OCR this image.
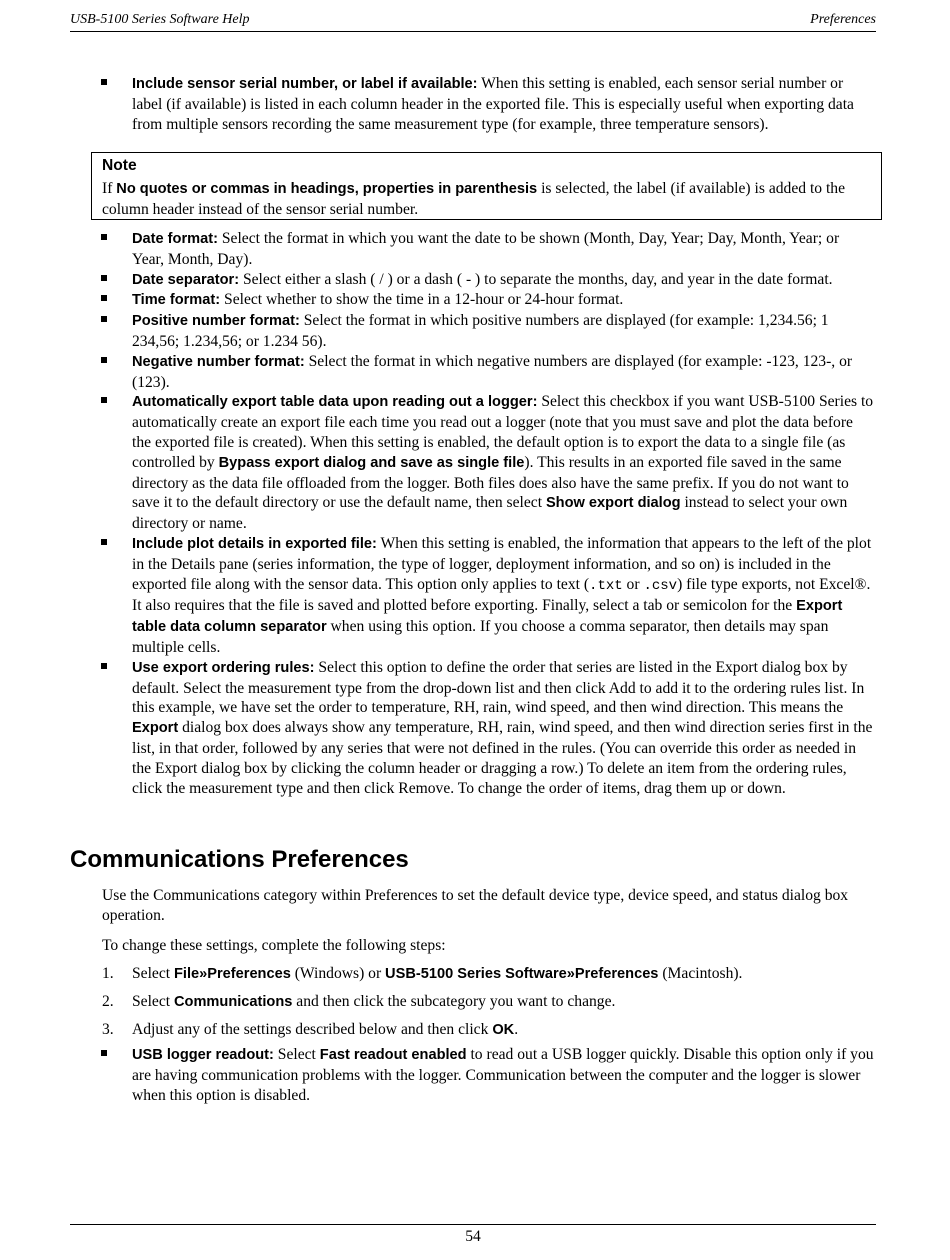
USB-5100 Series Software Help	Preferences
Include sensor serial number, or label if available: When this setting is enabled, each sensor serial number or label (if available) is listed in each column header in the exported file. This is especially useful when exporting data from multiple sensors recording the same measurement type (for example, three temperature sensors).
Note
If No quotes or commas in headings, properties in parenthesis is selected, the label (if available) is added to the column header instead of the sensor serial number.
Date format: Select the format in which you want the date to be shown (Month, Day, Year; Day, Month, Year; or Year, Month, Day).
Date separator: Select either a slash ( / ) or a dash ( - ) to separate the months, day, and year in the date format.
Time format: Select whether to show the time in a 12-hour or 24-hour format.
Positive number format: Select the format in which positive numbers are displayed (for example: 1,234.56; 1 234,56; 1.234,56; or 1.234 56).
Negative number format: Select the format in which negative numbers are displayed (for example: -123, 123-, or (123).
Automatically export table data upon reading out a logger: Select this checkbox if you want USB-5100 Series to automatically create an export file each time you read out a logger (note that you must save and plot the data before the exported file is created). When this setting is enabled, the default option is to export the data to a single file (as controlled by Bypass export dialog and save as single file). This results in an exported file saved in the same directory as the data file offloaded from the logger. Both files does also have the same prefix. If you do not want to save it to the default directory or use the default name, then select Show export dialog instead to select your own directory or name.
Include plot details in exported file: When this setting is enabled, the information that appears to the left of the plot in the Details pane (series information, the type of logger, deployment information, and so on) is included in the exported file along with the sensor data. This option only applies to text (.txt or .csv) file type exports, not Excel®. It also requires that the file is saved and plotted before exporting. Finally, select a tab or semicolon for the Export table data column separator when using this option. If you choose a comma separator, then details may span multiple cells.
Use export ordering rules: Select this option to define the order that series are listed in the Export dialog box by default. Select the measurement type from the drop-down list and then click Add to add it to the ordering rules list. In this example, we have set the order to temperature, RH, rain, wind speed, and then wind direction. This means the Export dialog box does always show any temperature, RH, rain, wind speed, and then wind direction series first in the list, in that order, followed by any series that were not defined in the rules. (You can override this order as needed in the Export dialog box by clicking the column header or dragging a row.) To delete an item from the ordering rules, click the measurement type and then click Remove. To change the order of items, drag them up or down.
Communications Preferences

Use the Communications category within Preferences to set the default device type, device speed, and status dialog box operation.

To change these settings, complete the following steps:

1. Select File»Preferences (Windows) or USB-5100 Series Software»Preferences (Macintosh).
2. Select Communications and then click the subcategory you want to change.
3. Adjust any of the settings described below and then click OK.
USB logger readout: Select Fast readout enabled to read out a USB logger quickly. Disable this option only if you are having communication problems with the logger. Communication between the computer and the logger is slower when this option is disabled.
54
